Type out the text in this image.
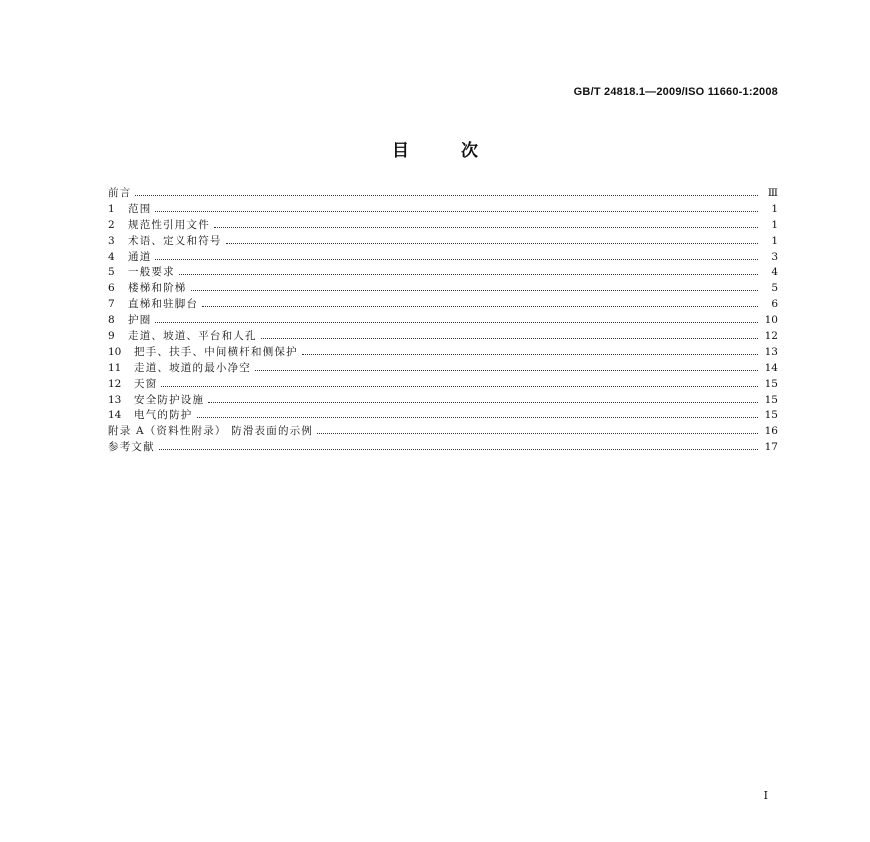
GB/T 24818.1—2009/ISO 11660-1:2008
目次
前言	Ⅲ
1	范围	1
2	规范性引用文件	1
3	术语、定义和符号	1
4	通道	3
5	一般要求	4
6	楼梯和阶梯	5
7	直梯和驻脚台	6
8	护圈	10
9	走道、坡道、平台和人孔	12
10	把手、扶手、中间横杆和侧保护	13
11	走道、坡道的最小净空	14
12	天窗	15
13	安全防护设施	15
14	电气的防护	15
附录 A（资料性附录） 防滑表面的示例	16
参考文献	17
I
